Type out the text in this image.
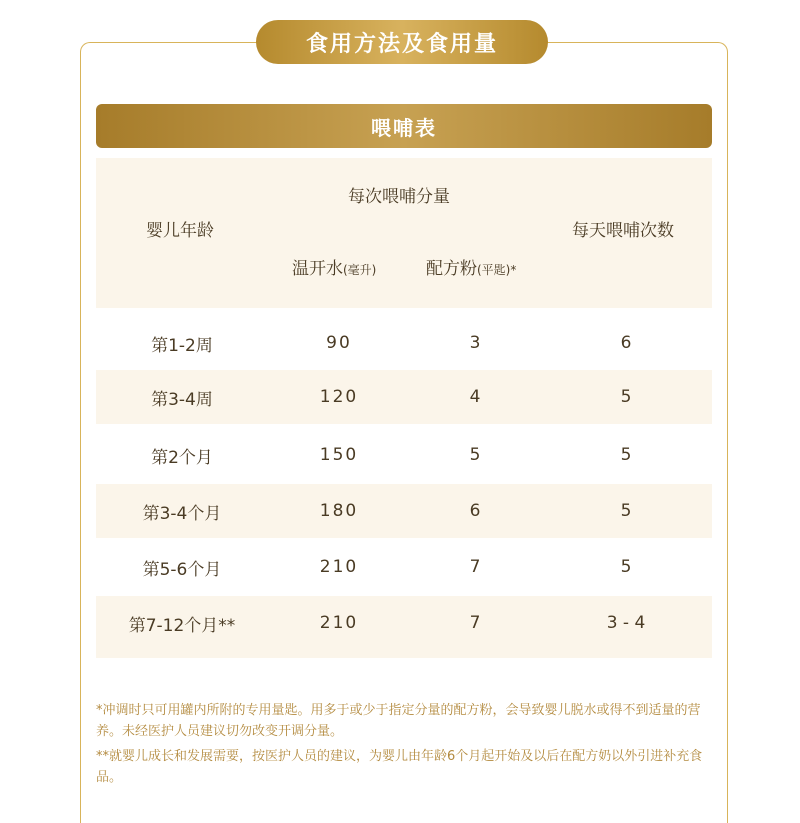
食用方法及食用量
喂哺表
婴儿年龄
每次喂哺分量
温开水(毫升)	配方粉(平匙)*
每天喂哺次数
第1-2周	90	3	6
第3-4周	120	4	5
第2个月	150	5	5
第3-4个月	180	6	5
第5-6个月	210	7	5
第7-12个月**	210	7	3 - 4

*冲调时只可用罐内所附的专用量匙。用多于或少于指定分量的配方粉，会导致婴儿脱水或得不到适量的营养。未经医护人员建议切勿改变开调分量。

**就婴儿成长和发展需要，按医护人员的建议，为婴儿由年龄6个月起开始及以后在配方奶以外引进补充食品。
